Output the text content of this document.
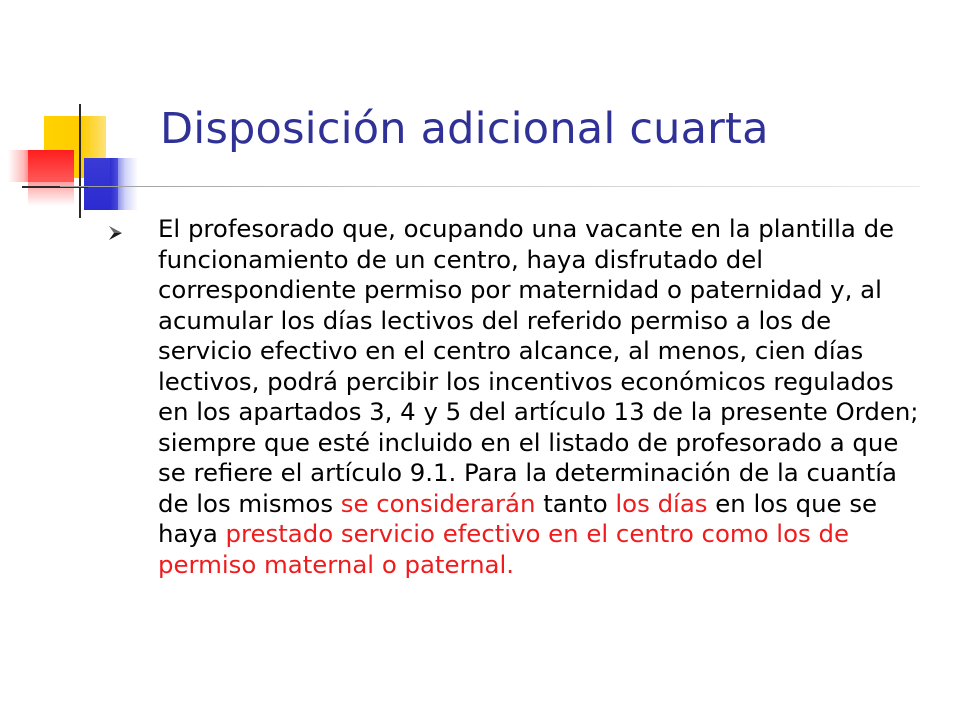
Disposición adicional cuarta
El profesorado que, ocupando una vacante en la plantilla de funcionamiento de un centro, haya disfrutado del correspondiente permiso por maternidad o paternidad y, al acumular los días lectivos del referido permiso a los de servicio efectivo en el centro alcance, al menos, cien días lectivos, podrá percibir los incentivos económicos regulados en los apartados 3, 4 y 5 del artículo 13 de la presente Orden; siempre que esté incluido en el listado de profesorado a que se refiere el artículo 9.1. Para la determinación de la cuantía de los mismos se considerarán tanto los días en los que se haya prestado servicio efectivo en el centro como los de permiso maternal o paternal.
